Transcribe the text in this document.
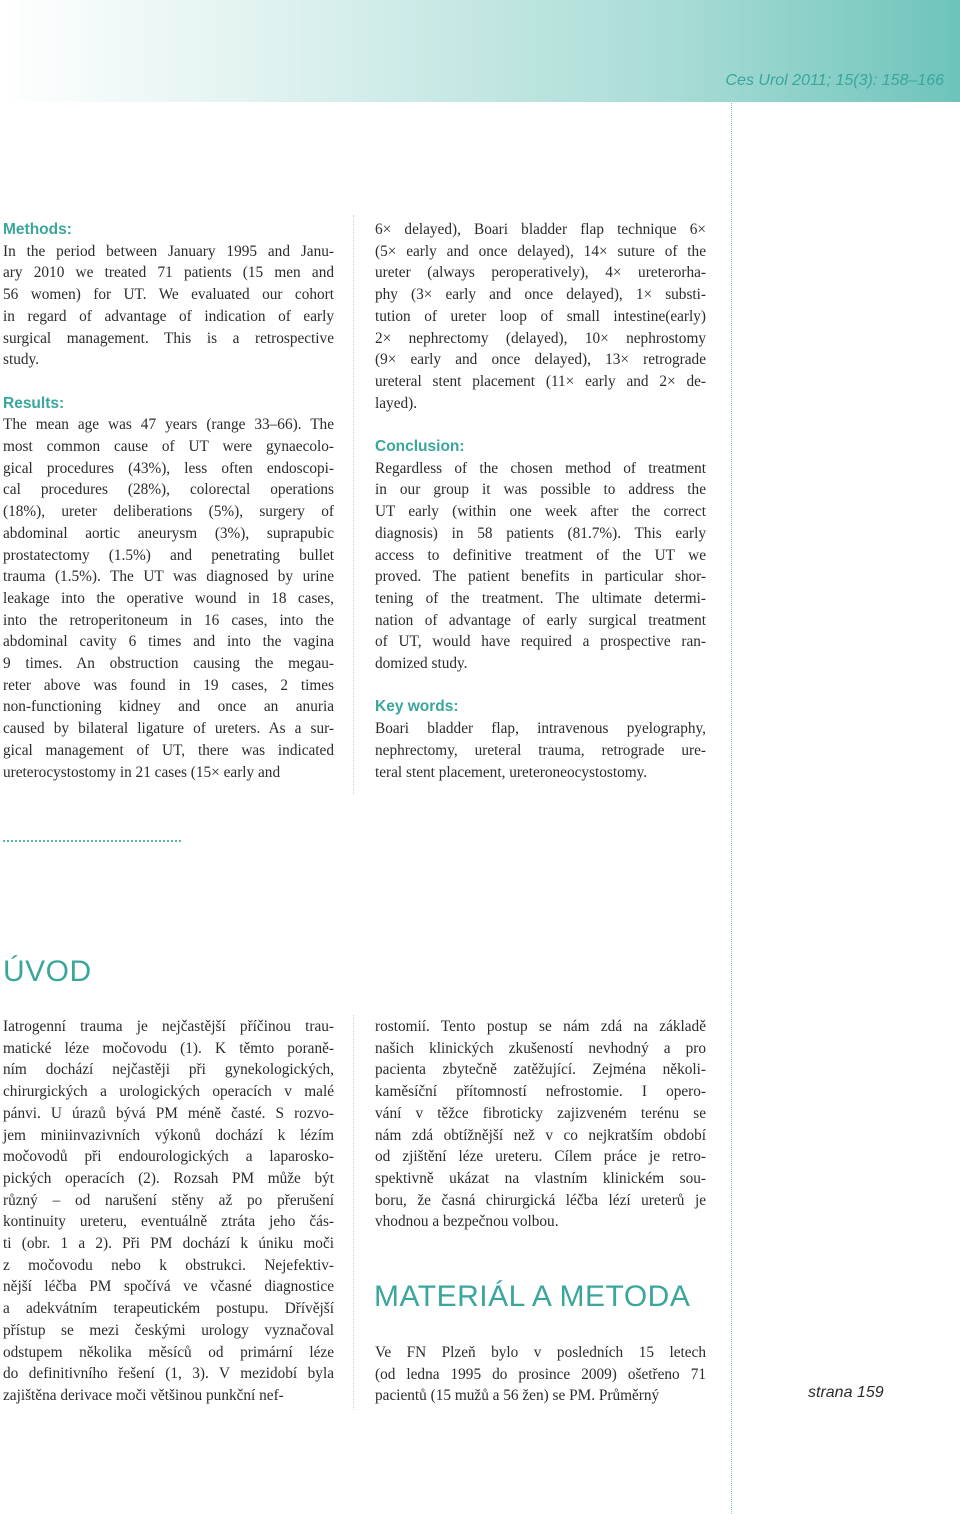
Ces Urol 2011; 15(3): 158–166
Methods:

In the period between January 1995 and Janu-
ary 2010 we treated 71 patients (15 men and
56 women) for UT. We evaluated our cohort
in regard of advantage of indication of early
surgical management. This is a retrospective
study.

Results:

The mean age was 47 years (range 33–66). The
most common cause of UT were gynaecolo-
gical procedures (43%), less often endoscopi-
cal procedures (28%), colorectal operations
(18%), ureter deliberations (5%), surgery of
abdominal aortic aneurysm (3%), suprapubic
prostatectomy (1.5%) and penetrating bullet
trauma (1.5%). The UT was diagnosed by urine
leakage into the operative wound in 18 cases,
into the retroperitoneum in 16 cases, into the
abdominal cavity 6 times and into the vagina
9 times. An obstruction causing the megau-
reter above was found in 19 cases, 2 times
non-functioning kidney and once an anuria
caused by bilateral ligature of ureters. As a sur-
gical management of UT, there was indicated
ureterocystostomy in 21 cases (15× early and

6× delayed), Boari bladder flap technique 6×
(5× early and once delayed), 14× suture of the
ureter (always peroperatively), 4× ureterorha-
phy (3× early and once delayed), 1× substi-
tution of ureter loop of small intestine(early)
2× nephrectomy (delayed), 10× nephrostomy
(9× early and once delayed), 13× retrograde
ureteral stent placement (11× early and 2× de-
layed).

Conclusion:

Regardless of the chosen method of treatment
in our group it was possible to address the
UT early (within one week after the correct
diagnosis) in 58 patients (81.7%). This early
access to definitive treatment of the UT we
proved. The patient benefits in particular shor-
tening of the treatment. The ultimate determi-
nation of advantage of early surgical treatment
of UT, would have required a prospective ran-
domized study.

Key words:

Boari bladder flap, intravenous pyelography,
nephrectomy, ureteral trauma, retrograde ure-
teral stent placement, ureteroneocystostomy.

ÚVOD

Iatrogenní trauma je nejčastější příčinou trau-
matické léze močovodu (1). K těmto poraně-
ním dochází nejčastěji při gynekologických,
chirurgických a urologických operacích v malé
pánvi. U úrazů bývá PM méně časté. S rozvo-
jem miniinvazivních výkonů dochází k lézím
močovodů při endourologických a laparosko-
pických operacích (2). Rozsah PM může být
různý – od narušení stěny až po přerušení
kontinuity ureteru, eventuálně ztráta jeho čás-
ti (obr. 1 a 2). Při PM dochází k úniku moči
z močovodu nebo k obstrukci. Nejefektiv-
nější léčba PM spočívá ve včasné diagnostice
a adekvátním terapeutickém postupu. Dřívější
přístup se mezi českými urology vyznačoval
odstupem několika měsíců od primární léze
do definitivního řešení (1, 3). V mezidobí byla
zajištěna derivace moči většinou punkční nef-

rostomií. Tento postup se nám zdá na základě
našich klinických zkušeností nevhodný a pro
pacienta zbytečně zatěžující. Zejména několi-
kaměsíční přítomností nefrostomie. I opero-
vání v těžce fibroticky zajizveném terénu se
nám zdá obtížnější než v co nejkratším období
od zjištění léze ureteru. Cílem práce je retro-
spektivně ukázat na vlastním klinickém sou-
boru, že časná chirurgická léčba lézí ureterů je
vhodnou a bezpečnou volbou.

MATERIÁL A METODA

Ve FN Plzeň bylo v posledních 15 letech
(od ledna 1995 do prosince 2009) ošetřeno 71
pacientů (15 mužů a 56 žen) se PM. Průměrný	strana 159
